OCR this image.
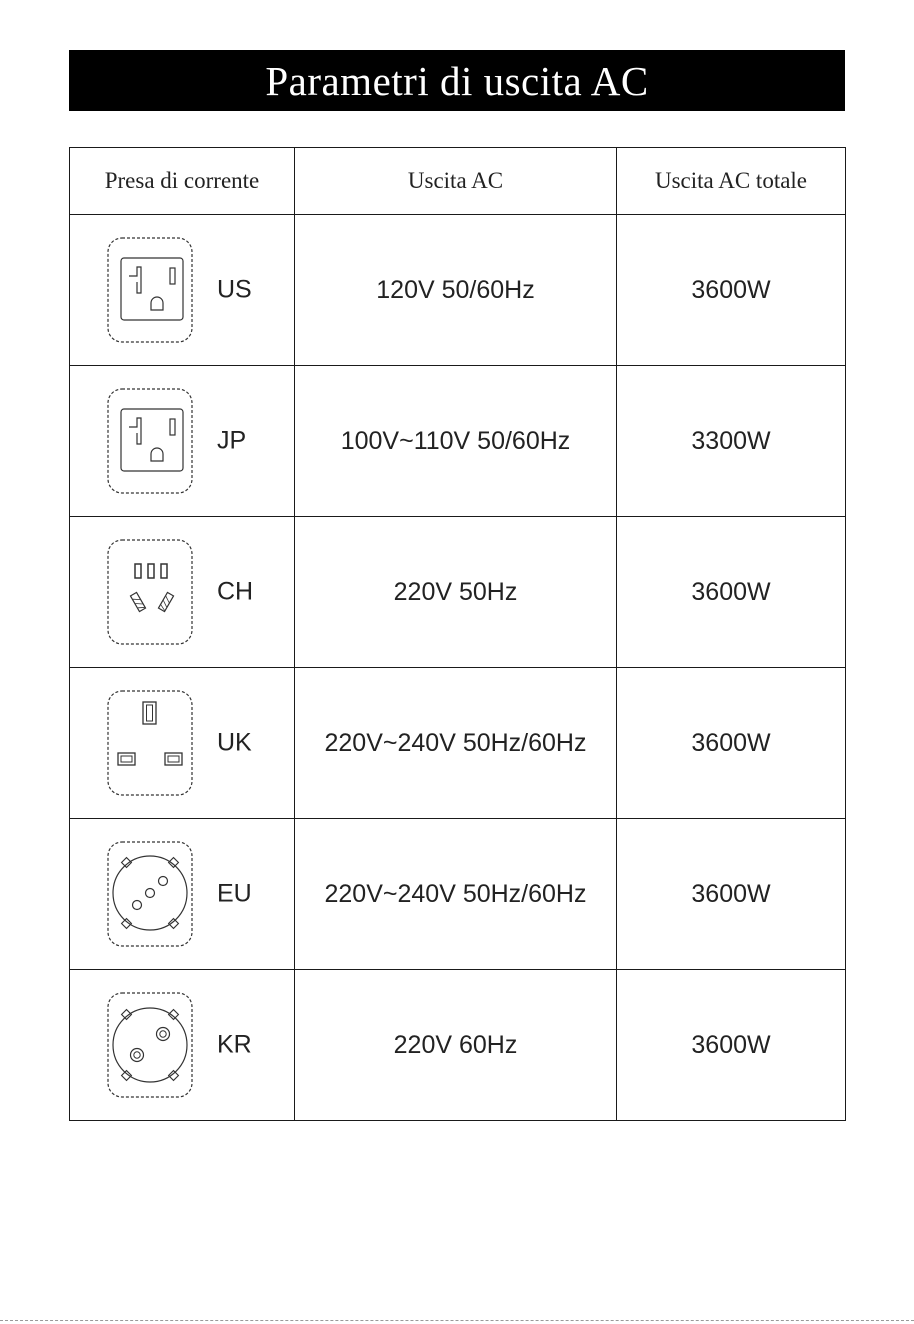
Parametri di uscita AC
Presa di corrente	Uscita AC	Uscita AC totale

US	120V 50/60Hz	3600W

JP	100V~110V 50/60Hz	3300W

CH	220V 50Hz	3600W

UK	220V~240V 50Hz/60Hz	3600W

EU	220V~240V 50Hz/60Hz	3600W

KR	220V 60Hz	3600W
